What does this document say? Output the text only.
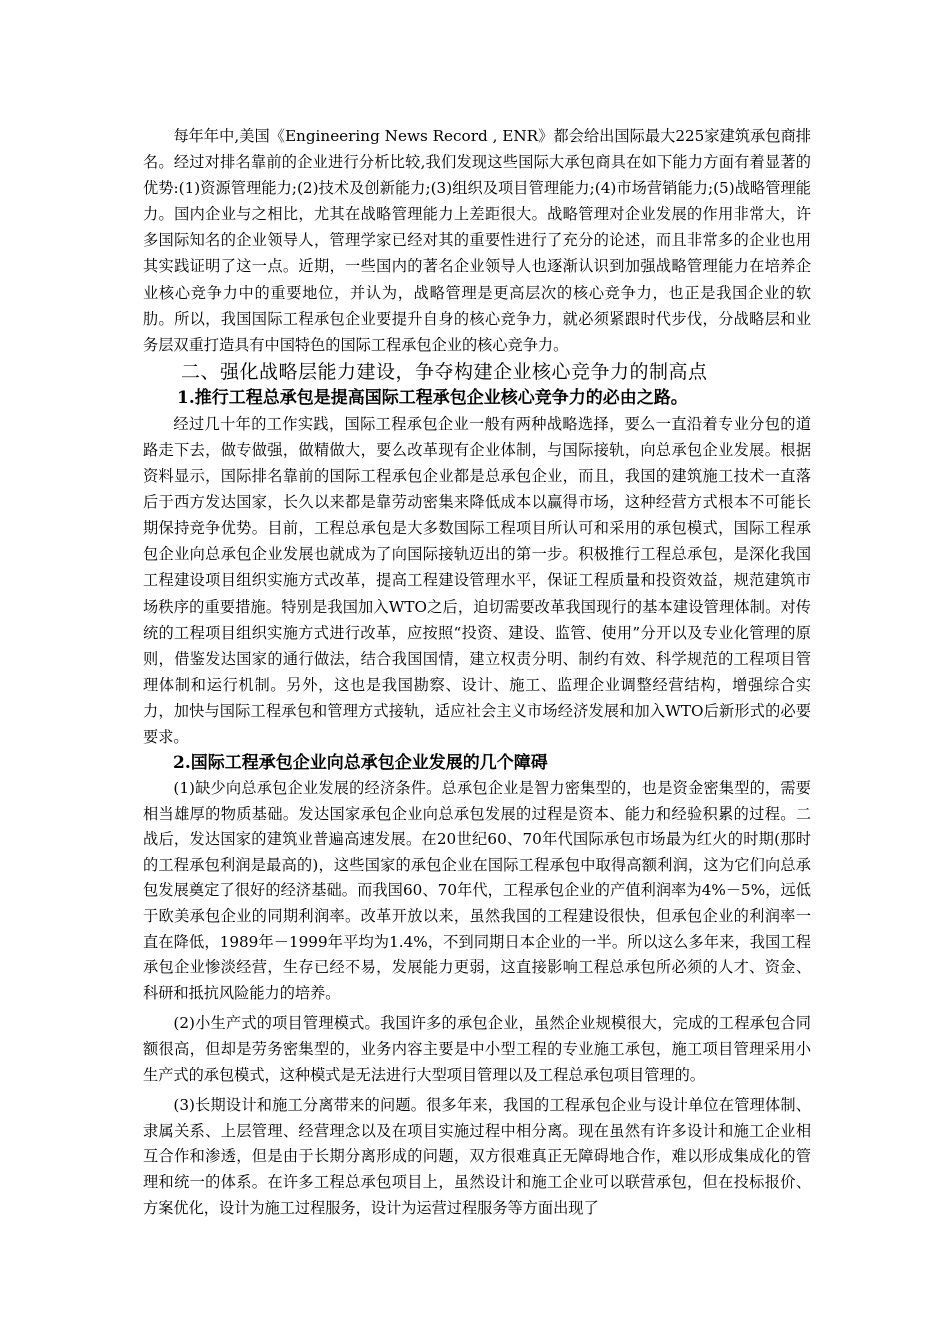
每年年中,美国《Engineering News Record , ENR》都会给出国际最大225家建筑承包商排名。经过对排名靠前的企业进行分析比较,我们发现这些国际大承包商具在如下能力方面有着显著的优势:(1)资源管理能力;(2)技术及创新能力;(3)组织及项目管理能力;(4)市场营销能力;(5)战略管理能力。国内企业与之相比，尤其在战略管理能力上差距很大。战略管理对企业发展的作用非常大，许多国际知名的企业领导人，管理学家已经对其的重要性进行了充分的论述，而且非常多的企业也用其实践证明了这一点。近期，一些国内的著名企业领导人也逐渐认识到加强战略管理能力在培养企业核心竞争力中的重要地位，并认为，战略管理是更高层次的核心竞争力，也正是我国企业的软肋。所以，我国国际工程承包企业要提升自身的核心竞争力，就必须紧跟时代步伐，分战略层和业务层双重打造具有中国特色的国际工程承包企业的核心竞争力。

二、强化战略层能力建设，争夺构建企业核心竞争力的制高点
1.推行工程总承包是提高国际工程承包企业核心竞争力的必由之路。

经过几十年的工作实践，国际工程承包企业一般有两种战略选择，要么一直沿着专业分包的道路走下去，做专做强，做精做大，要么改革现有企业体制，与国际接轨，向总承包企业发展。根据资料显示，国际排名靠前的国际工程承包企业都是总承包企业，而且，我国的建筑施工技术一直落后于西方发达国家，长久以来都是靠劳动密集来降低成本以赢得市场，这种经营方式根本不可能长期保持竞争优势。目前，工程总承包是大多数国际工程项目所认可和采用的承包模式，国际工程承包企业向总承包企业发展也就成为了向国际接轨迈出的第一步。积极推行工程总承包，是深化我国工程建设项目组织实施方式改革，提高工程建设管理水平，保证工程质量和投资效益，规范建筑市场秩序的重要措施。特别是我国加入WTO之后，迫切需要改革我国现行的基本建设管理体制。对传统的工程项目组织实施方式进行改革，应按照“投资、建设、监管、使用”分开以及专业化管理的原则，借鉴发达国家的通行做法，结合我国国情，建立权责分明、制约有效、科学规范的工程项目管理体制和运行机制。另外，这也是我国勘察、设计、施工、监理企业调整经营结构，增强综合实力，加快与国际工程承包和管理方式接轨，适应社会主义市场经济发展和加入WTO后新形式的必要要求。

2.国际工程承包企业向总承包企业发展的几个障碍

(1)缺少向总承包企业发展的经济条件。总承包企业是智力密集型的，也是资金密集型的，需要相当雄厚的物质基础。发达国家承包企业向总承包发展的过程是资本、能力和经验积累的过程。二战后，发达国家的建筑业普遍高速发展。在20世纪60、70年代国际承包市场最为红火的时期(那时的工程承包利润是最高的)，这些国家的承包企业在国际工程承包中取得高额利润，这为它们向总承包发展奠定了很好的经济基础。而我国60、70年代，工程承包企业的产值利润率为4%－5%，远低于欧美承包企业的同期利润率。改革开放以来，虽然我国的工程建设很快，但承包企业的利润率一直在降低，1989年－1999年平均为1.4%，不到同期日本企业的一半。所以这么多年来，我国工程承包企业惨淡经营，生存已经不易，发展能力更弱，这直接影响工程总承包所必须的人才、资金、科研和抵抗风险能力的培养。

(2)小生产式的项目管理模式。我国许多的承包企业，虽然企业规模很大，完成的工程承包合同额很高，但却是劳务密集型的，业务内容主要是中小型工程的专业施工承包，施工项目管理采用小生产式的承包模式，这种模式是无法进行大型项目管理以及工程总承包项目管理的。

(3)长期设计和施工分离带来的问题。很多年来，我国的工程承包企业与设计单位在管理体制、隶属关系、上层管理、经营理念以及在项目实施过程中相分离。现在虽然有许多设计和施工企业相互合作和渗透，但是由于长期分离形成的问题，双方很难真正无障碍地合作，难以形成集成化的管理和统一的体系。在许多工程总承包项目上，虽然设计和施工企业可以联营承包，但在投标报价、方案优化，设计为施工过程服务，设计为运营过程服务等方面出现了
